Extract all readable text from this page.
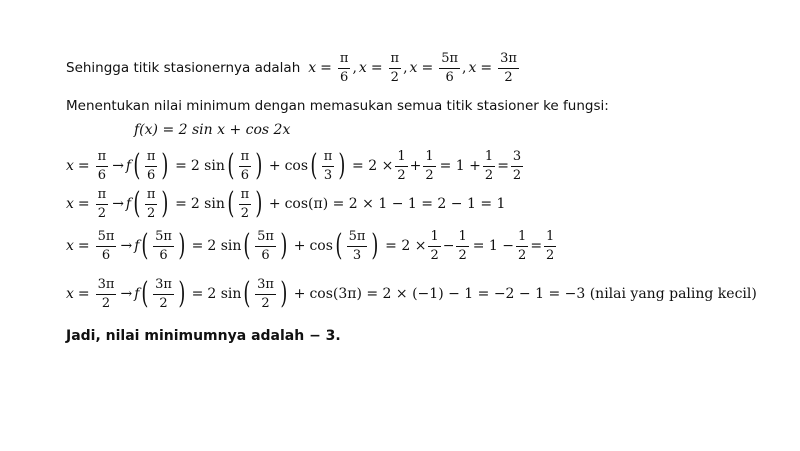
Sehingga titik stasionernya adalah $x = \frac{\pi}{6}$ , $x = \frac{\pi}{2}$ , $x = \frac{5\pi}{6}$ , $x = \frac{3\pi}{2}$
Menentukan nilai minimum dengan memasukan semua titik stasioner ke fungsi:
f(x) = 2 sin x + cos 2x
$x = \frac{\pi}{6} \to f$ ( $\frac{\pi}{6}$ ) = 2 sin ( $\frac{\pi}{6}$ ) + cos ( $\frac{\pi}{3}$ ) = $2 \times \frac{1}{2} + \frac{1}{2} = 1 + \frac{1}{2} = \frac{3}{2}$
$x = \frac{\pi}{2} \to f$ ( $\frac{\pi}{2}$ ) = 2 sin ( $\frac{\pi}{2}$ ) + cos(π) = 2 × 1 − 1 = 2 − 1 = 1
$x = \frac{5\pi}{6} \to f$ ( $\frac{5\pi}{6}$ ) = 2 sin ( $\frac{5\pi}{6}$ ) + cos ( $\frac{5\pi}{3}$ ) = $2 \times \frac{1}{2} - \frac{1}{2} = 1 - \frac{1}{2} = \frac{1}{2}$
$x = \frac{3\pi}{2} \to f$ ( $\frac{3\pi}{2}$ ) = 2 sin ( $\frac{3\pi}{2}$ ) + cos(3π) = 2 × (−1) − 1 = −2 − 1 = −3 (nilai yang paling kecil)
Jadi, nilai minimumnya adalah − 3.
